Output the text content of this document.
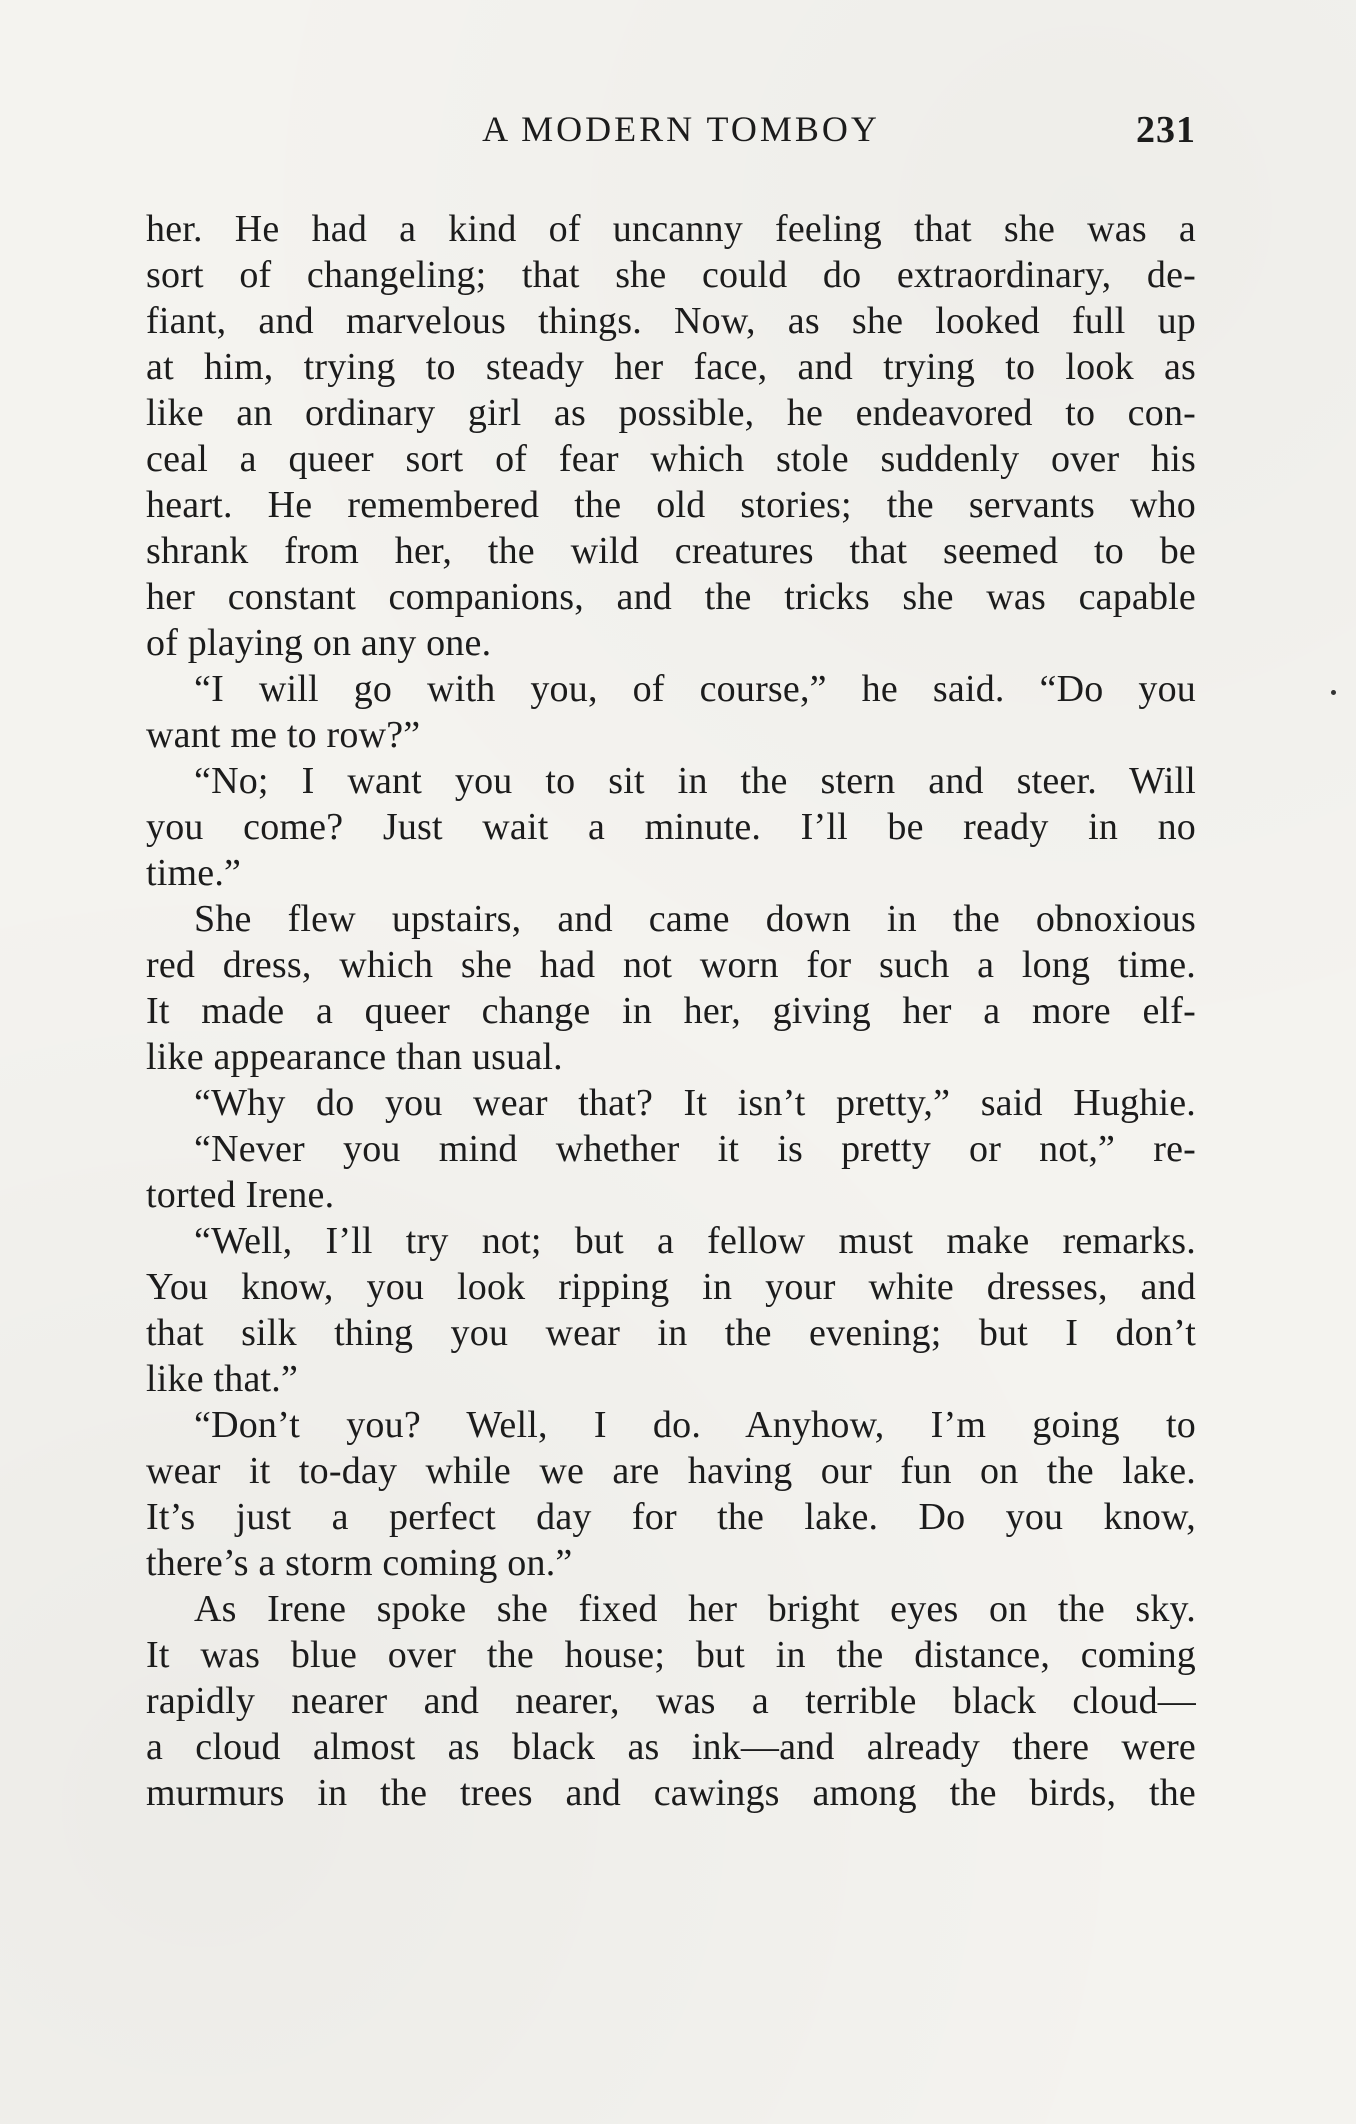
A MODERN TOMBOY	231
her. He had a kind of uncanny feeling that she was a
sort of changeling; that she could do extraordinary, de-
fiant, and marvelous things. Now, as she looked full up
at him, trying to steady her face, and trying to look as
like an ordinary girl as possible, he endeavored to con-
ceal a queer sort of fear which stole suddenly over his
heart. He remembered the old stories; the servants who
shrank from her, the wild creatures that seemed to be
her constant companions, and the tricks she was capable
of playing on any one.
“I will go with you, of course,” he said. “Do you
want me to row?”
“No; I want you to sit in the stern and steer. Will
you come? Just wait a minute. I’ll be ready in no
time.”
She flew upstairs, and came down in the obnoxious
red dress, which she had not worn for such a long time.
It made a queer change in her, giving her a more elf-
like appearance than usual.
“Why do you wear that? It isn’t pretty,” said Hughie.
“Never you mind whether it is pretty or not,” re-
torted Irene.
“Well, I’ll try not; but a fellow must make remarks.
You know, you look ripping in your white dresses, and
that silk thing you wear in the evening; but I don’t
like that.”
“Don’t you? Well, I do. Anyhow, I’m going to
wear it to-day while we are having our fun on the lake.
It’s just a perfect day for the lake. Do you know,
there’s a storm coming on.”
As Irene spoke she fixed her bright eyes on the sky.
It was blue over the house; but in the distance, coming
rapidly nearer and nearer, was a terrible black cloud—
a cloud almost as black as ink—and already there were
murmurs in the trees and cawings among the birds, the
